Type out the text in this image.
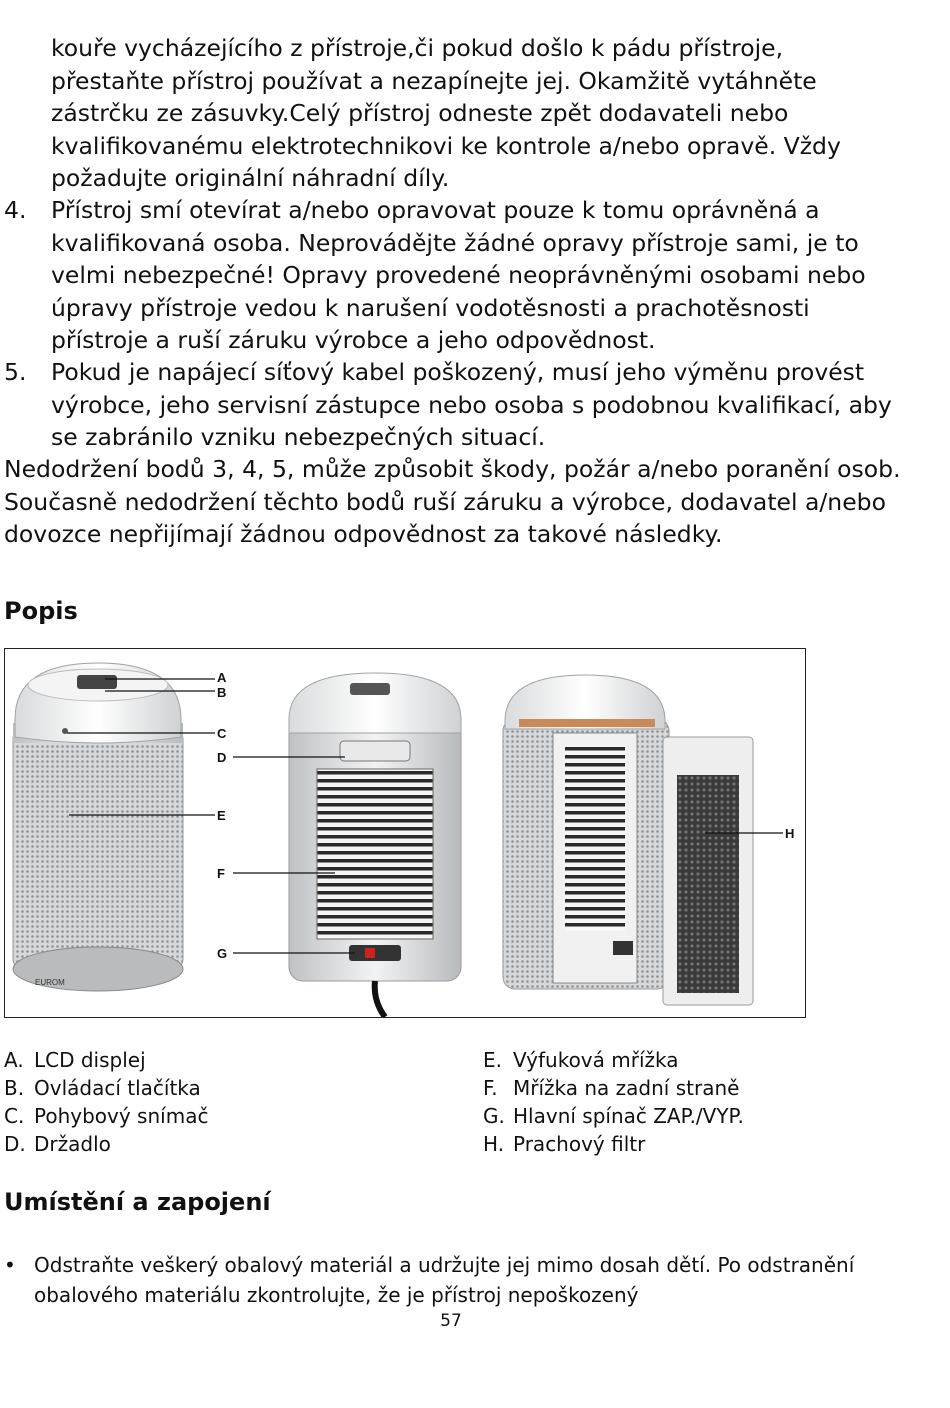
kouře vycházejícího z přístroje,či pokud došlo k pádu přístroje,
přestaňte přístroj používat a nezapínejte jej. Okamžitě vytáhněte
zástrčku ze zásuvky.Celý přístroj odneste zpět dodavateli nebo
kvalifikovanému elektrotechnikovi ke kontrole a/nebo opravě. Vždy
požadujte originální náhradní díly.
4.	Přístroj smí otevírat a/nebo opravovat pouze k tomu oprávněná a kvalifikovaná osoba. Neprovádějte žádné opravy přístroje sami, je to velmi nebezpečné! Opravy provedené neoprávněnými osobami nebo úpravy přístroje vedou k narušení vodotěsnosti a prachotěsnosti přístroje a ruší záruku výrobce a jeho odpovědnost.
5.	Pokud je napájecí síťový kabel poškozený, musí jeho výměnu provést výrobce, jeho servisní zástupce nebo osoba s podobnou kvalifikací, aby se zabránilo vzniku nebezpečných situací.

Nedodržení bodů 3, 4, 5, může způsobit škody, požár a/nebo poranění osob. Současně nedodržení těchto bodů ruší záruku a výrobce, dodavatel a/nebo dovozce nepřijímají žádnou odpovědnost za takové následky.

Popis
EUROM
A
B
C
D
E
F
G
H
A. LCD displej
B. Ovládací tlačítka
C. Pohybový snímač
D. Držadlo
E. Výfuková mřížka
F. Mřížka na zadní straně
G. Hlavní spínač ZAP./VYP.
H. Prachový filtr
Umístění a zapojení
• Odstraňte veškerý obalový materiál a udržujte jej mimo dosah dětí. Po odstranění obalového materiálu zkontrolujte, že je přístroj nepoškozený
57
